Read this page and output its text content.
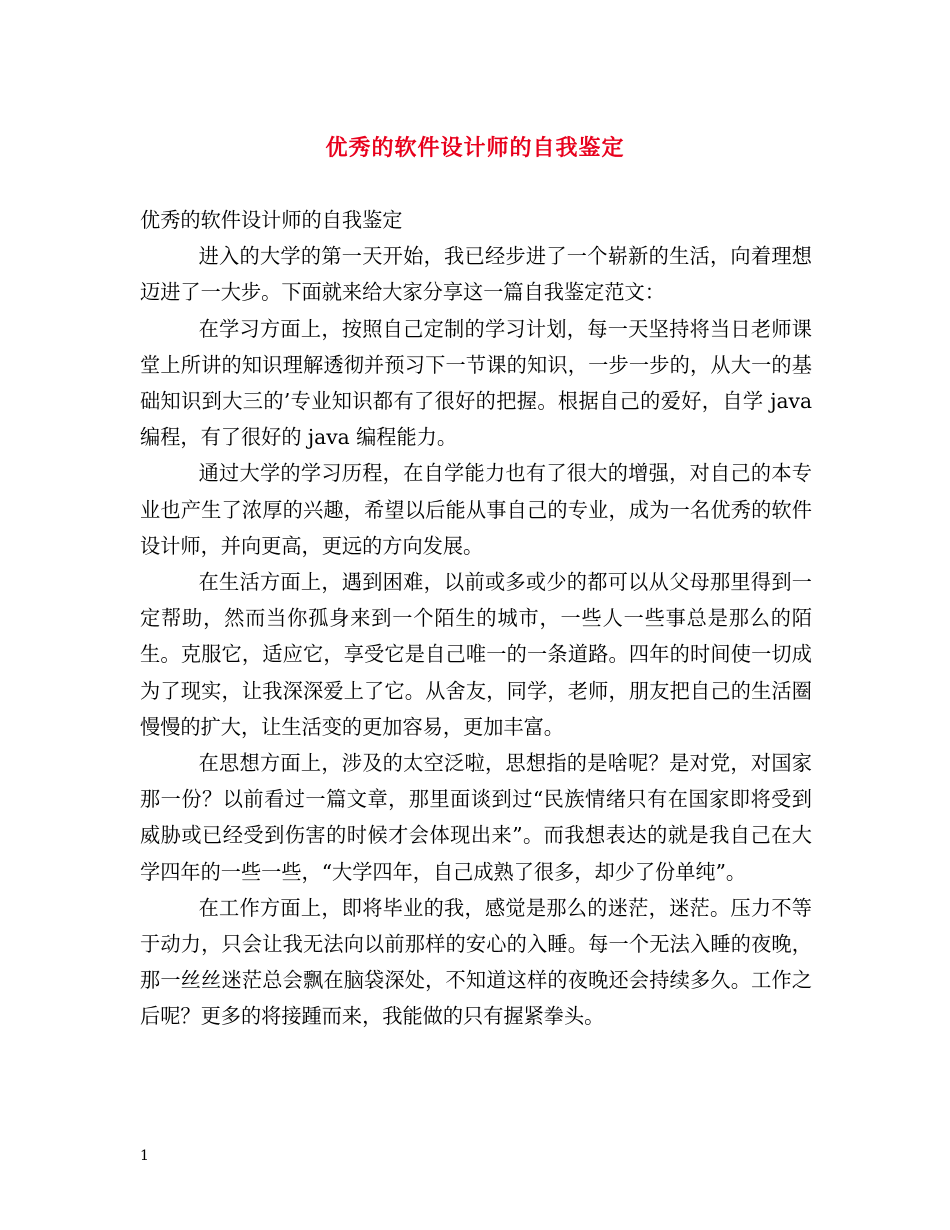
优秀的软件设计师的自我鉴定

优秀的软件设计师的自我鉴定

进入的大学的第一天开始，我已经步进了一个崭新的生活，向着理想迈进了一大步。下面就来给大家分享这一篇自我鉴定范文：

在学习方面上，按照自己定制的学习计划，每一天坚持将当日老师课堂上所讲的知识理解透彻并预习下一节课的知识，一步一步的，从大一的基础知识到大三的’专业知识都有了很好的把握。根据自己的爱好，自学 java 编程，有了很好的 java 编程能力。

通过大学的学习历程，在自学能力也有了很大的增强，对自己的本专业也产生了浓厚的兴趣，希望以后能从事自己的专业，成为一名优秀的软件设计师，并向更高，更远的方向发展。

在生活方面上，遇到困难，以前或多或少的都可以从父母那里得到一定帮助，然而当你孤身来到一个陌生的城市，一些人一些事总是那么的陌生。克服它，适应它，享受它是自己唯一的一条道路。四年的时间使一切成为了现实，让我深深爱上了它。从舍友，同学，老师，朋友把自己的生活圈慢慢的扩大，让生活变的更加容易，更加丰富。

在思想方面上，涉及的太空泛啦，思想指的是啥呢？是对党，对国家那一份？以前看过一篇文章，那里面谈到过“民族情绪只有在国家即将受到威胁或已经受到伤害的时候才会体现出来”。而我想表达的就是我自己在大学四年的一些一些，“大学四年，自己成熟了很多，却少了份单纯”。

在工作方面上，即将毕业的我，感觉是那么的迷茫，迷茫。压力不等于动力，只会让我无法向以前那样的安心的入睡。每一个无法入睡的夜晚，那一丝丝迷茫总会飘在脑袋深处，不知道这样的夜晚还会持续多久。工作之后呢？更多的将接踵而来，我能做的只有握紧拳头。

1
